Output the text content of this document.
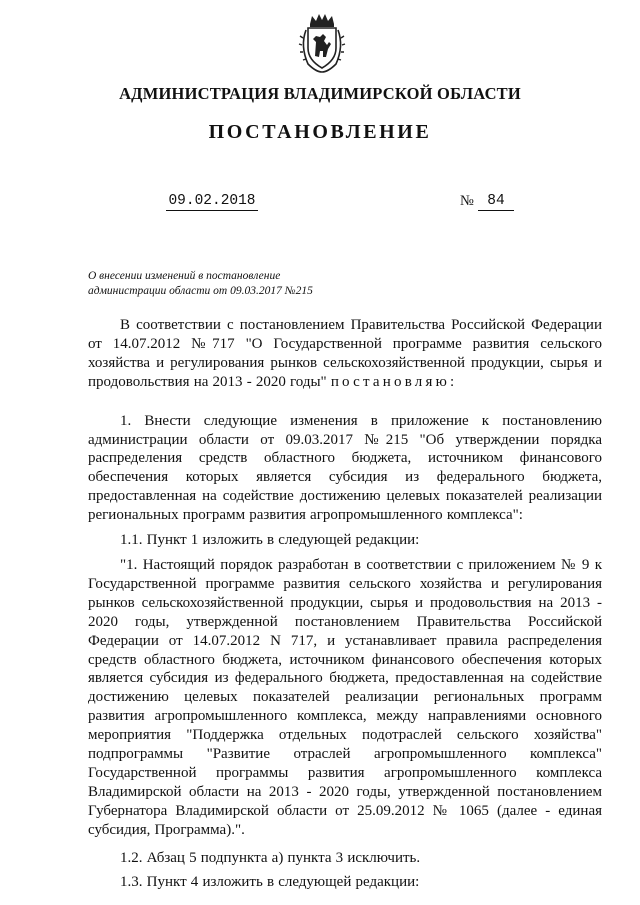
АДМИНИСТРАЦИЯ ВЛАДИМИРСКОЙ ОБЛАСТИ
ПОСТАНОВЛЕНИЕ
09.02.2018	№ 84
О внесении изменений в постановление
администрации области от 09.03.2017 №215

В соответствии с постановлением Правительства Российской Федерации от 14.07.2012 №717 "О Государственной программе развития сельского хозяйства и регулирования рынков сельскохозяйственной продукции, сырья и продовольствия на 2013 - 2020 годы" постановляю:

1. Внести следующие изменения в приложение к постановлению администрации области от 09.03.2017 №215 "Об утверждении порядка распределения средств областного бюджета, источником финансового обеспечения которых является субсидия из федерального бюджета, предоставленная на содействие достижению целевых показателей реализации региональных программ развития агропромышленного комплекса":

1.1. Пункт 1 изложить в следующей редакции:

"1. Настоящий порядок разработан в соответствии с приложением № 9 к Государственной программе развития сельского хозяйства и регулирования рынков сельскохозяйственной продукции, сырья и продовольствия на 2013 - 2020 годы, утвержденной постановлением Правительства Российской Федерации от 14.07.2012 N 717, и устанавливает правила распределения средств областного бюджета, источником финансового обеспечения которых является субсидия из федерального бюджета, предоставленная на содействие достижению целевых показателей реализации региональных программ развития агропромышленного комплекса, между направлениями основного мероприятия "Поддержка отдельных подотраслей сельского хозяйства" подпрограммы "Развитие отраслей агропромышленного комплекса" Государственной программы развития агропромышленного комплекса Владимирской области на 2013 - 2020 годы, утвержденной постановлением Губернатора Владимирской области от 25.09.2012 № 1065 (далее - единая субсидия, Программа).".

1.2. Абзац 5 подпункта а) пункта 3 исключить.

1.3. Пункт 4 изложить в следующей редакции:
